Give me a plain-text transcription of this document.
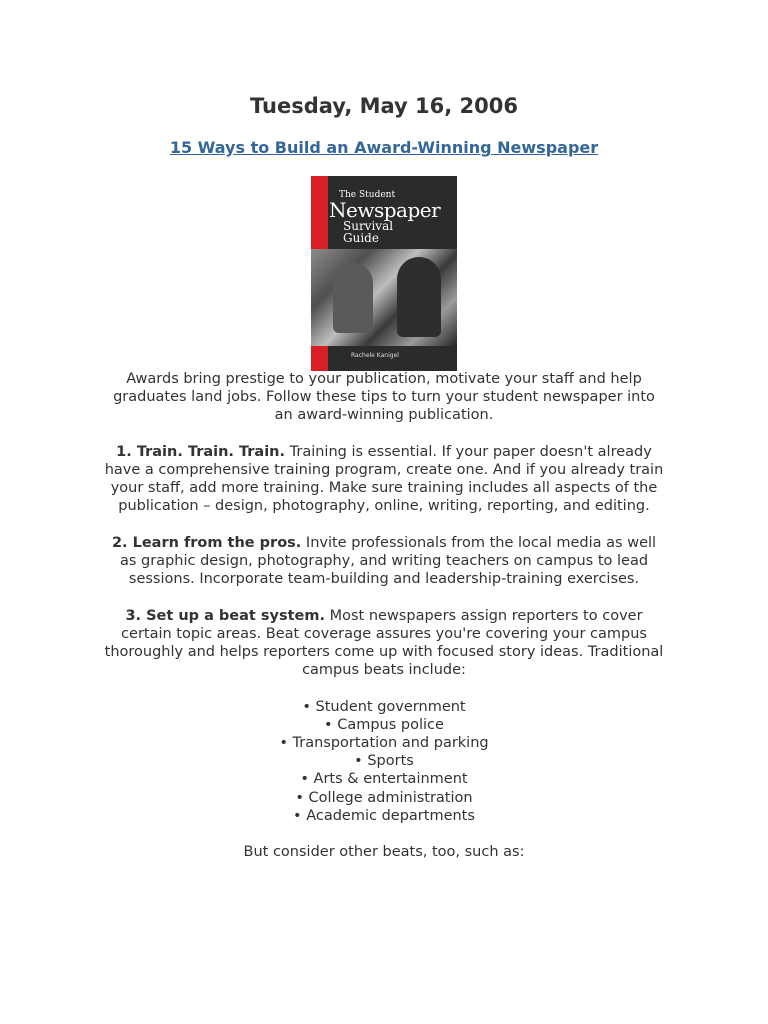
Tuesday, May 16, 2006
15 Ways to Build an Award-Winning Newspaper
The Student
Newspaper
Survival
Guide
Rachele Kanigel

Awards bring prestige to your publication, motivate your staff and help graduates land jobs. Follow these tips to turn your student newspaper into an award-winning publication.

1. Train. Train. Train. Training is essential. If your paper doesn't already have a comprehensive training program, create one. And if you already train your staff, add more training. Make sure training includes all aspects of the publication – design, photography, online, writing, reporting, and editing.

2. Learn from the pros. Invite professionals from the local media as well as graphic design, photography, and writing teachers on campus to lead sessions. Incorporate team-building and leadership-training exercises.

3. Set up a beat system. Most newspapers assign reporters to cover certain topic areas. Beat coverage assures you're covering your campus thoroughly and helps reporters come up with focused story ideas. Traditional campus beats include:

• Student government
• Campus police
• Transportation and parking
• Sports
• Arts & entertainment
• College administration
• Academic departments

But consider other beats, too, such as:
